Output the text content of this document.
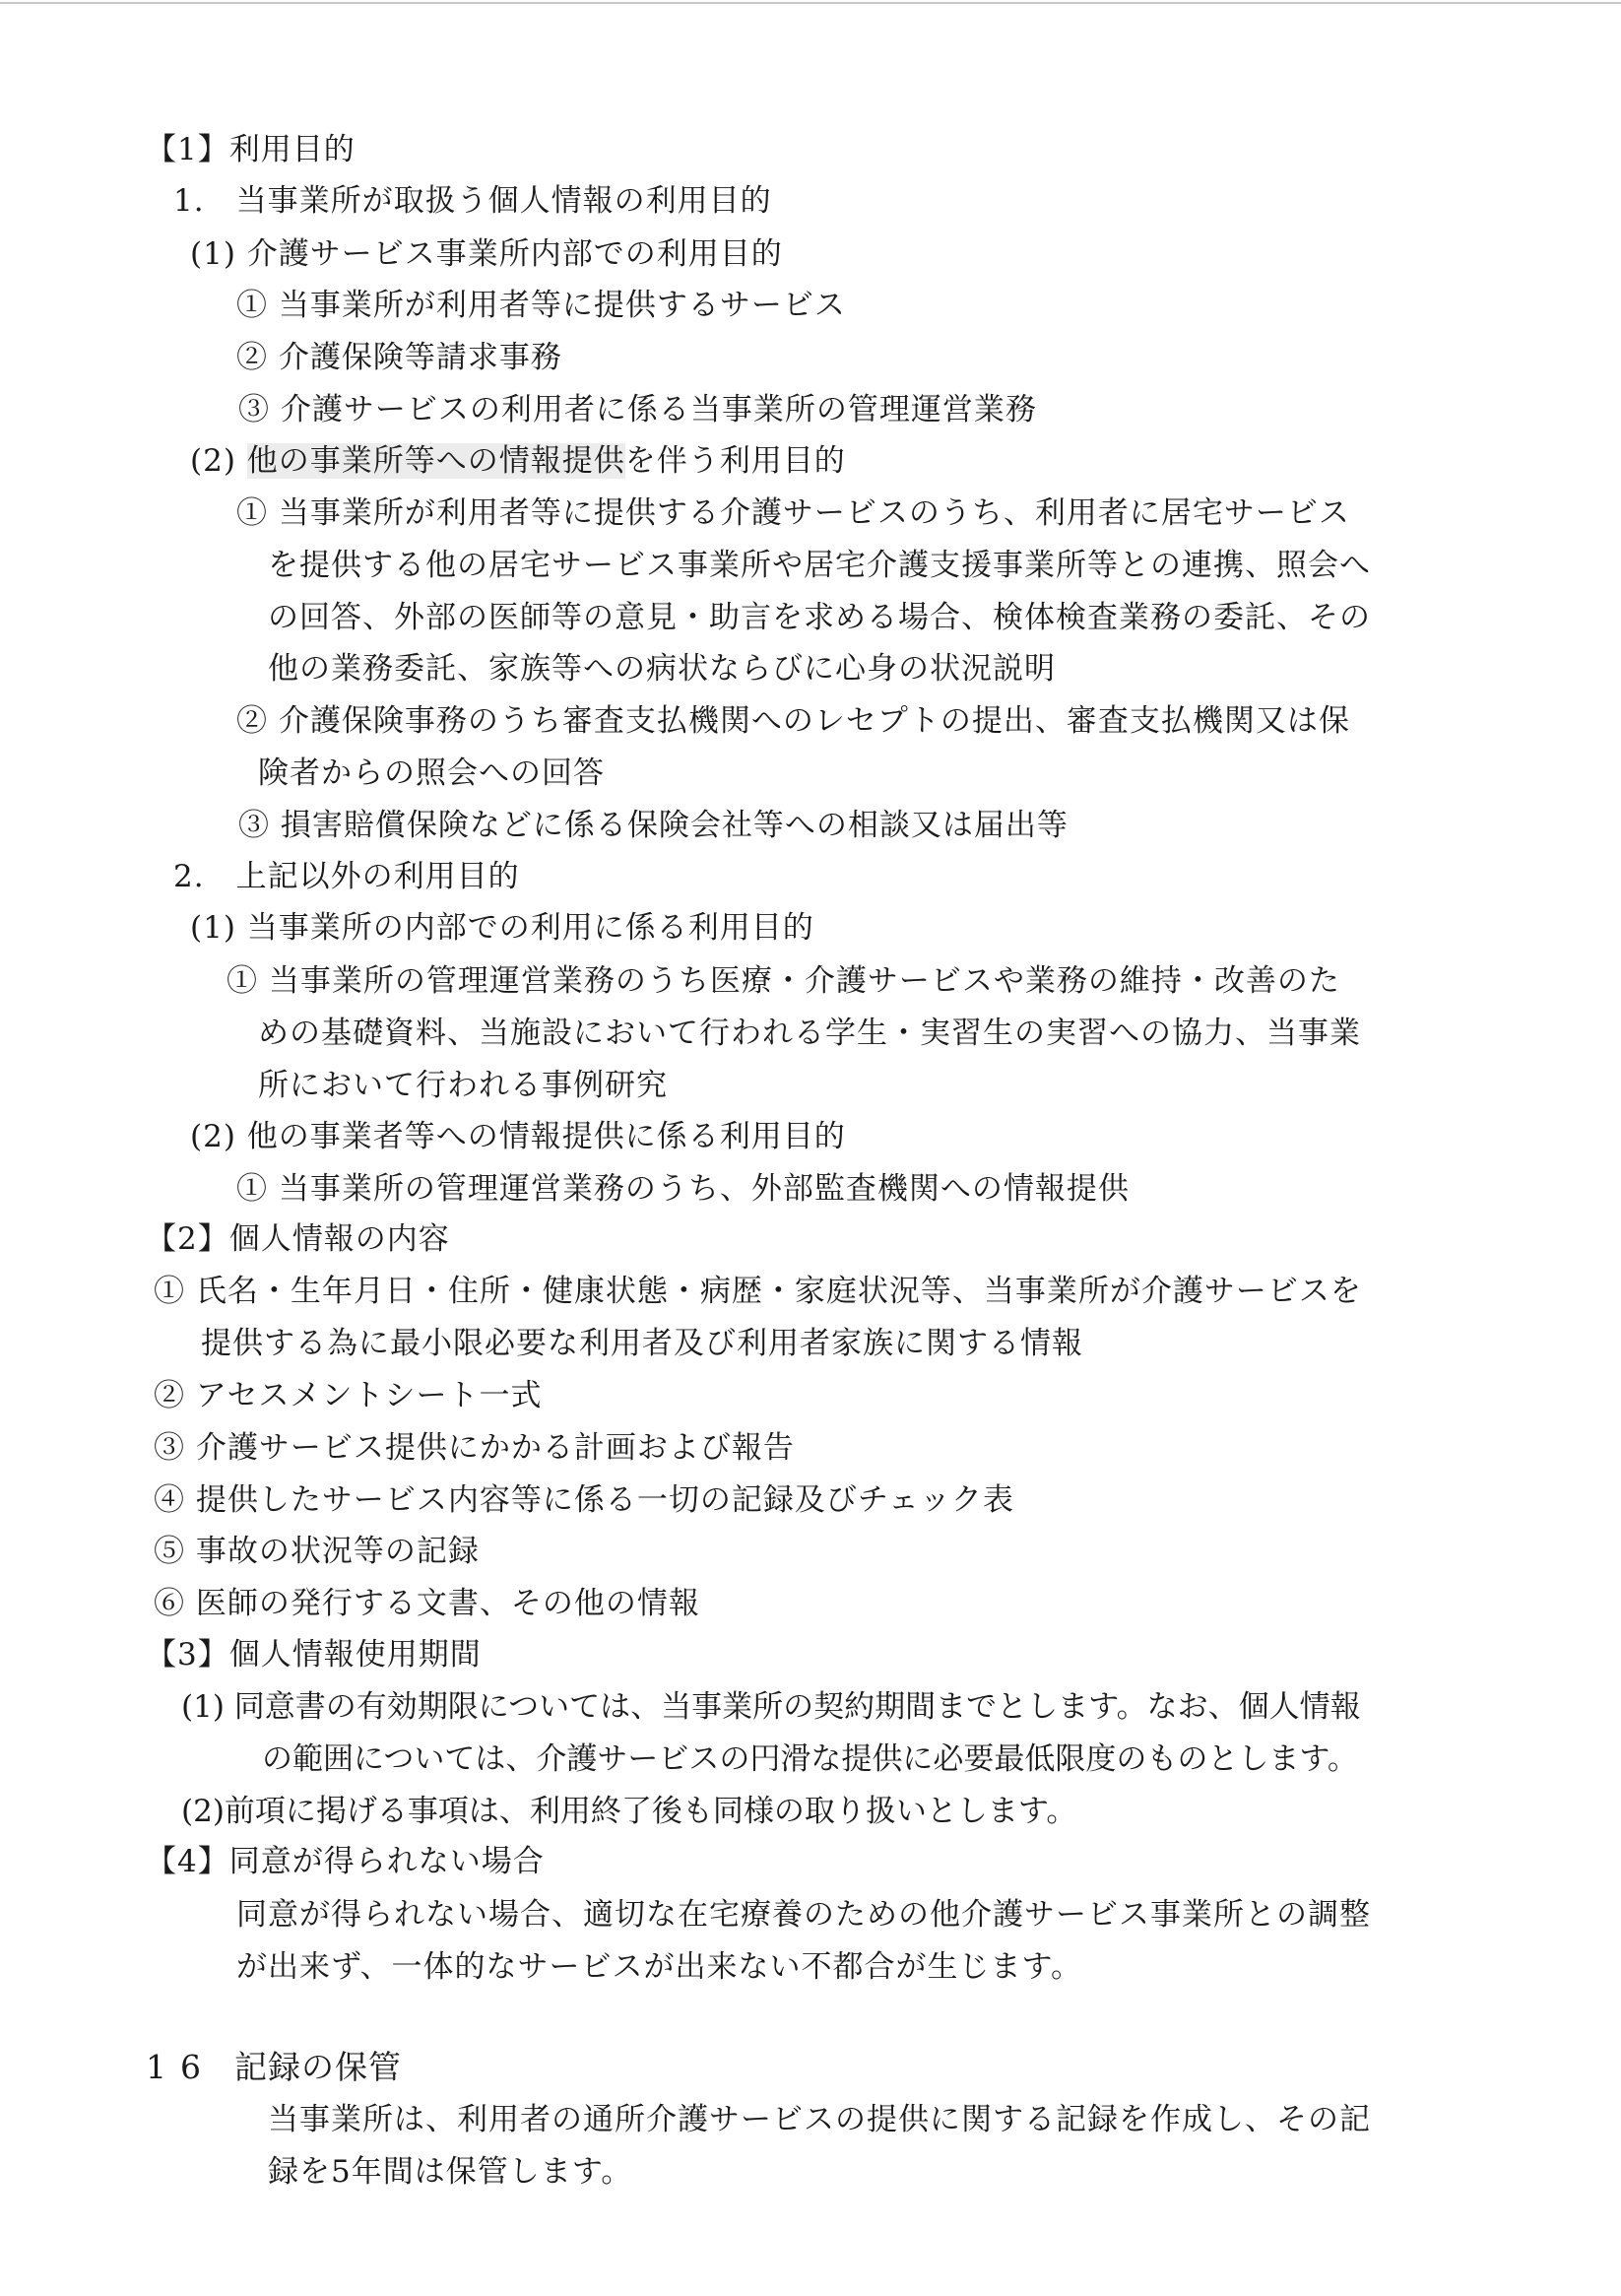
【1】利用目的
1.　当事業所が取扱う個人情報の利用目的
(1) 介護サービス事業所内部での利用目的
① 当事業所が利用者等に提供するサービス
② 介護保険等請求事務
③ 介護サービスの利用者に係る当事業所の管理運営業務
(2) 他の事業所等への情報提供を伴う利用目的
① 当事業所が利用者等に提供する介護サービスのうち、利用者に居宅サービス
を提供する他の居宅サービス事業所や居宅介護支援事業所等との連携、照会へ
の回答、外部の医師等の意見・助言を求める場合、検体検査業務の委託、その
他の業務委託、家族等への病状ならびに心身の状況説明
② 介護保険事務のうち審査支払機関へのレセプトの提出、審査支払機関又は保
険者からの照会への回答
③ 損害賠償保険などに係る保険会社等への相談又は届出等
2.　上記以外の利用目的
(1) 当事業所の内部での利用に係る利用目的
① 当事業所の管理運営業務のうち医療・介護サービスや業務の維持・改善のた
めの基礎資料、当施設において行われる学生・実習生の実習への協力、当事業
所において行われる事例研究
(2) 他の事業者等への情報提供に係る利用目的
① 当事業所の管理運営業務のうち、外部監査機関への情報提供
【2】個人情報の内容
① 氏名・生年月日・住所・健康状態・病歴・家庭状況等、当事業所が介護サービスを
提供する為に最小限必要な利用者及び利用者家族に関する情報
② アセスメントシート一式
③ 介護サービス提供にかかる計画および報告
④ 提供したサービス内容等に係る一切の記録及びチェック表
⑤ 事故の状況等の記録
⑥ 医師の発行する文書、その他の情報
【3】個人情報使用期間
(1) 同意書の有効期限については、当事業所の契約期間までとします。なお、個人情報
の範囲については、介護サービスの円滑な提供に必要最低限度のものとします。
(2)前項に掲げる事項は、利用終了後も同様の取り扱いとします。
【4】同意が得られない場合
同意が得られない場合、適切な在宅療養のための他介護サービス事業所との調整
が出来ず、一体的なサービスが出来ない不都合が生じます。
16 記録の保管
当事業所は、利用者の通所介護サービスの提供に関する記録を作成し、その記
録を5年間は保管します。
